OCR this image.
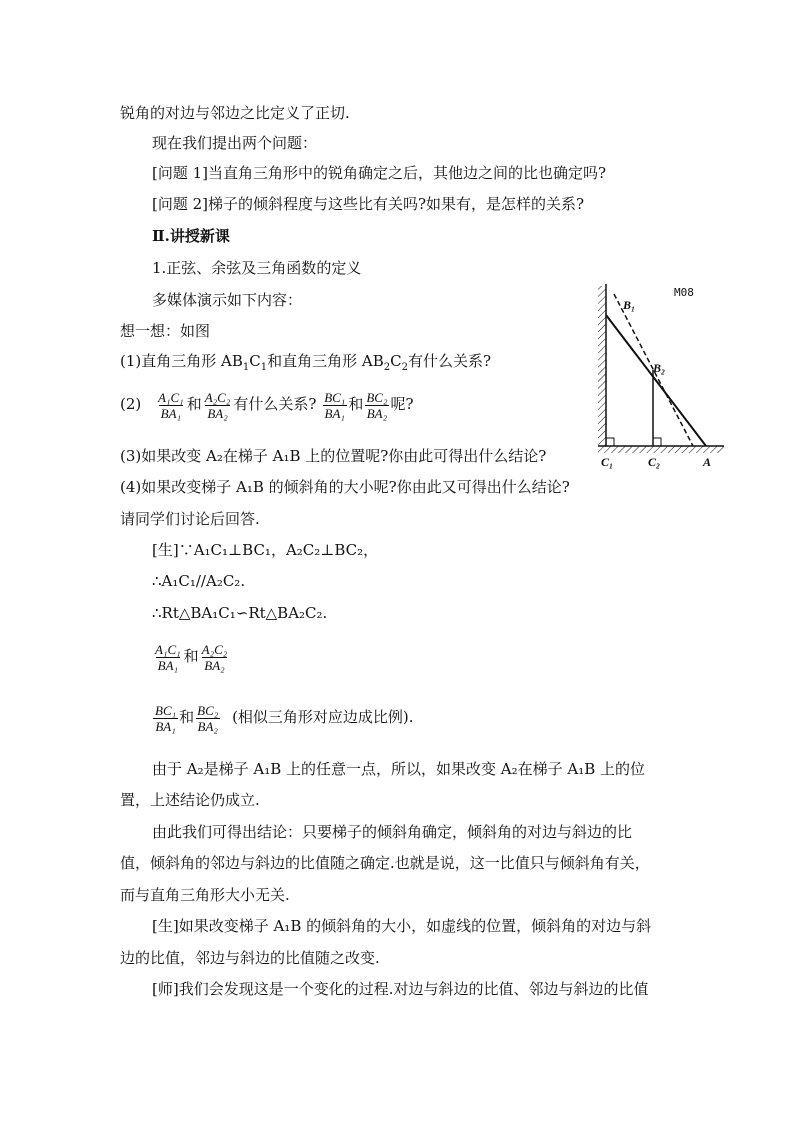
锐角的对边与邻边之比定义了正切.
现在我们提出两个问题：
[问题 1]当直角三角形中的锐角确定之后，其他边之间的比也确定吗?
[问题 2]梯子的倾斜程度与这些比有关吗?如果有，是怎样的关系?
Ⅱ.讲授新课
1.正弦、余弦及三角函数的定义
多媒体演示如下内容：
想一想：如图
(1)直角三角形 $AB_1C_1$和直角三角形 $AB_2C_2$有什么关系?
$(2) \frac{\text{A₁C₁}}{\text{BA₁}}$ 和 $\frac{\text{A₂C₂}}{\text{BA₂}}$ 有什么关系? $\frac{\text{BC₁}}{\text{BA₁}}$ 和 $\frac{\text{BC₂}}{\text{BA₂}}$ 呢?
(3)如果改变 A₂在梯子 A₁B 上的位置呢?你由此可得出什么结论?
(4)如果改变梯子 A₁B 的倾斜角的大小呢?你由此又可得出什么结论?
请同学们讨论后回答.
[生]∵A₁C₁⊥BC₁，A₂C₂⊥BC₂，
∴A₁C₁//A₂C₂.
∴Rt△BA₁C₁∽Rt△BA₂C₂.
$\frac{\text{A₁C₁}}{\text{BA₁}}$ 和 $\frac{\text{A₂C₂}}{\text{BA₂}}$
$\frac{\text{BC₁}}{\text{BA₁}}$ 和 $\frac{\text{BC₂}}{\text{BA₂}}$ (相似三角形对应边成比例).
由于 A₂是梯子 A₁B 上的任意一点，所以，如果改变 A₂在梯子 A₁B 上的位
置，上述结论仍成立.
由此我们可得出结论：只要梯子的倾斜角确定，倾斜角的对边与斜边的比
值，倾斜角的邻边与斜边的比值随之确定.也就是说，这一比值只与倾斜角有关，
而与直角三角形大小无关.
[生]如果改变梯子 A₁B 的倾斜角的大小，如虚线的位置，倾斜角的对边与斜
边的比值，邻边与斜边的比值随之改变.
[师]我们会发现这是一个变化的过程.对边与斜边的比值、邻边与斜边的比值
M08
B₁
B₂
C₁	C₂	A
